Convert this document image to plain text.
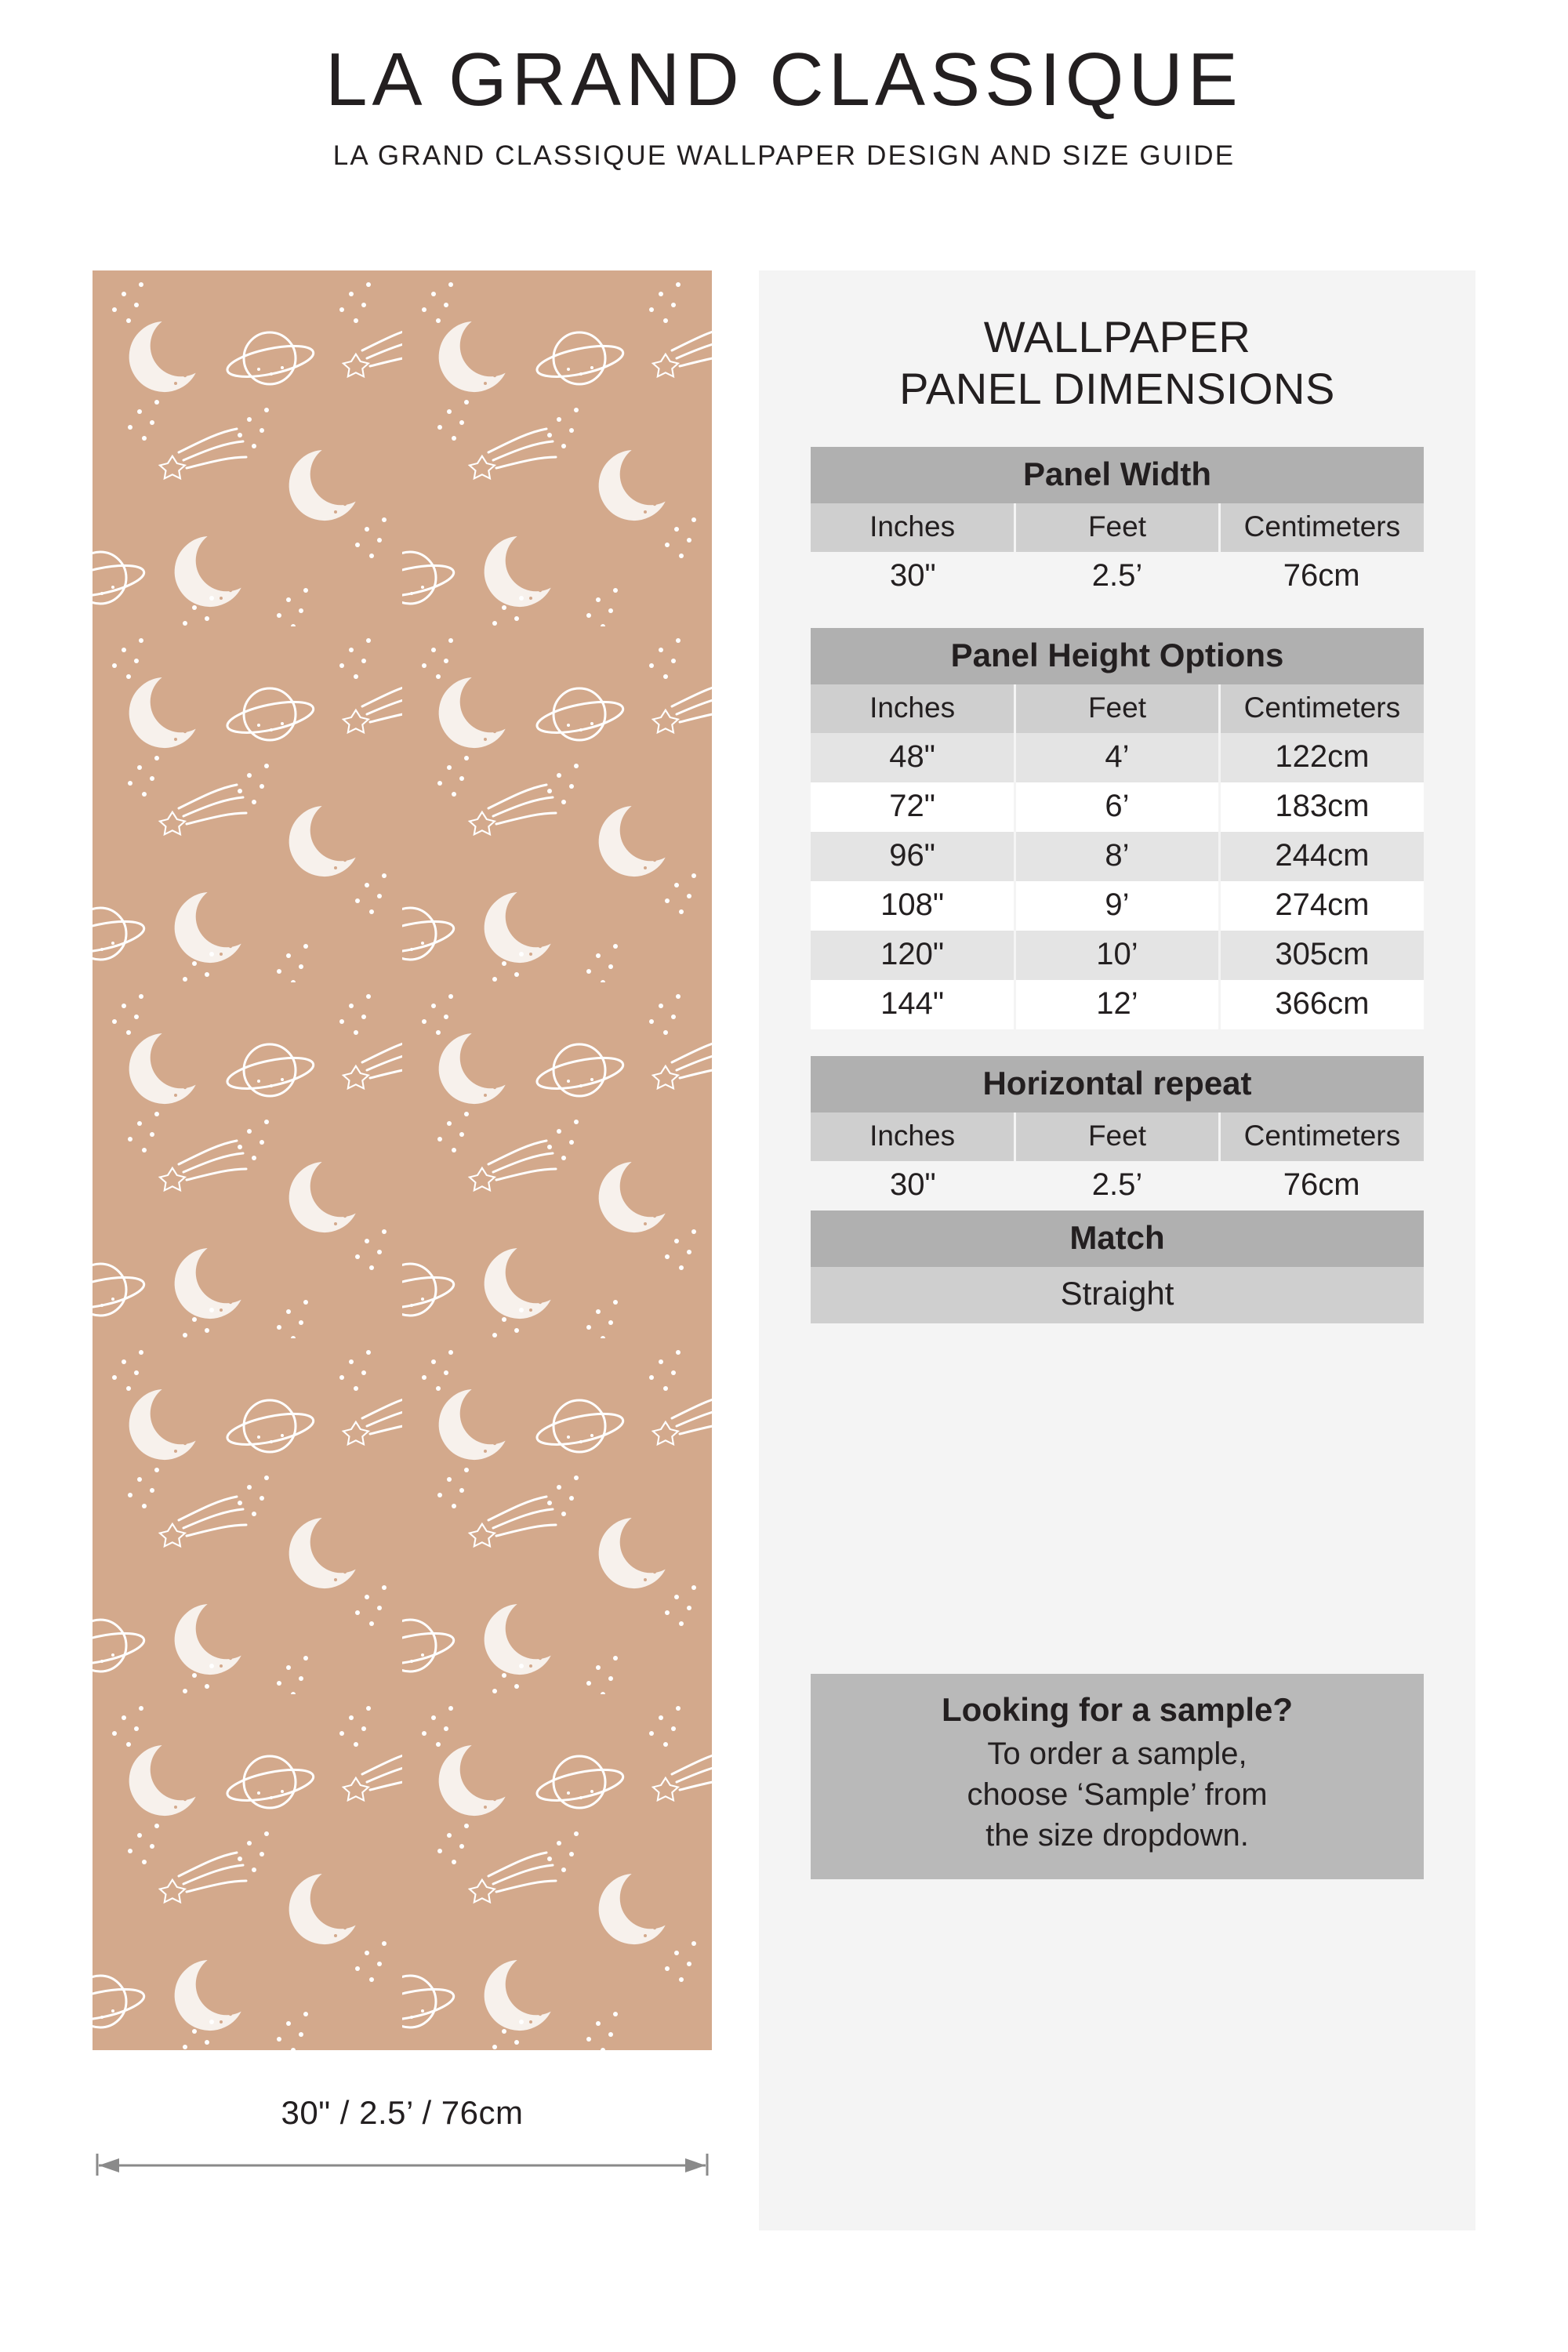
LA GRAND CLASSIQUE

LA GRAND CLASSIQUE WALLPAPER DESIGN AND SIZE GUIDE

30" / 2.5’ / 76cm
WALLPAPER
PANEL DIMENSIONS
Panel Width		
Inches	Feet	Centimeters
30"	2.5’	76cm
Panel Height Options		
Inches	Feet	Centimeters
48"	4’	122cm
72"	6’	183cm
96"	8’	244cm
108"	9’	274cm
120"	10’	305cm
144"	12’	366cm
Horizontal repeat		
Inches	Feet	Centimeters
30"	2.5’	76cm
Match
Straight
Looking for a sample?
To order a sample,
choose ‘Sample’ from
the size dropdown.
